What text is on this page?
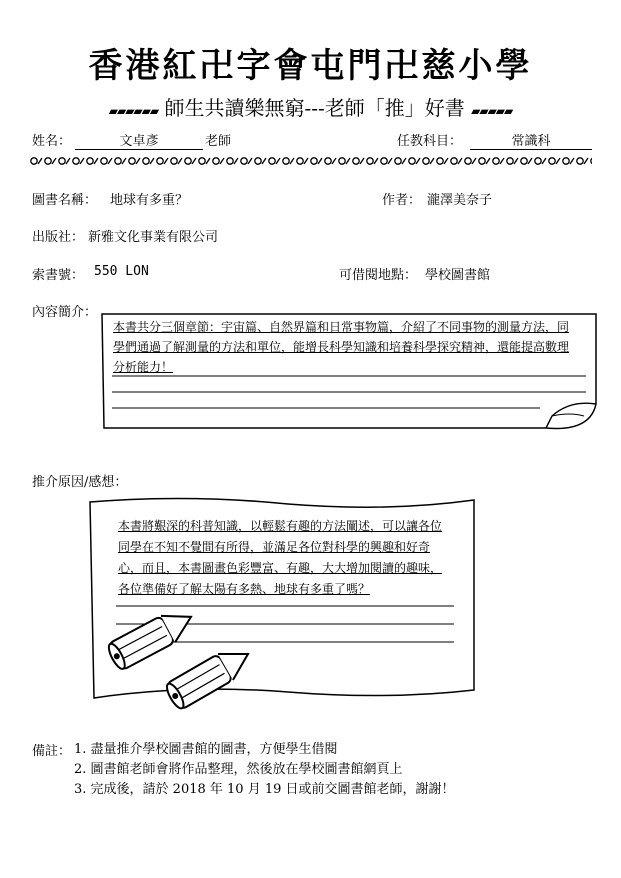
香港紅卍字會屯門卍慈小學
▰▰▰▰▰▰ 師生共讀樂無窮---老師「推」好書 ▰▰▰▰▰
姓名：	文卓彥	老師	任教科目：	常識科
圖書名稱： 地球有多重？	作者： 瀧澤美奈子
出版社： 新雅文化事業有限公司
索書號： 550 LON	可借閱地點： 學校圖書館
內容簡介：
本書共分三個章節：宇宙篇、自然界篇和日常事物篇，介紹了不同事物的測量方法，同
學們通過了解測量的方法和單位，能增長科學知識和培養科學探究精神，還能提高數理
分析能力！
推介原因/感想：
本書將艱深的科普知識，以輕鬆有趣的方法闡述，可以讓各位
同學在不知不覺間有所得，並滿足各位對科學的興趣和好奇
心，而且，本書圖畫色彩豐富、有趣，大大增加閱讀的趣味，
各位準備好了解太陽有多熱、地球有多重了嗎？
備註： 1. 盡量推介學校圖書館的圖書，方便學生借閱
2. 圖書館老師會將作品整理，然後放在學校圖書館網頁上
3. 完成後，請於 2018 年 10 月 19 日或前交圖書館老師，謝謝！
